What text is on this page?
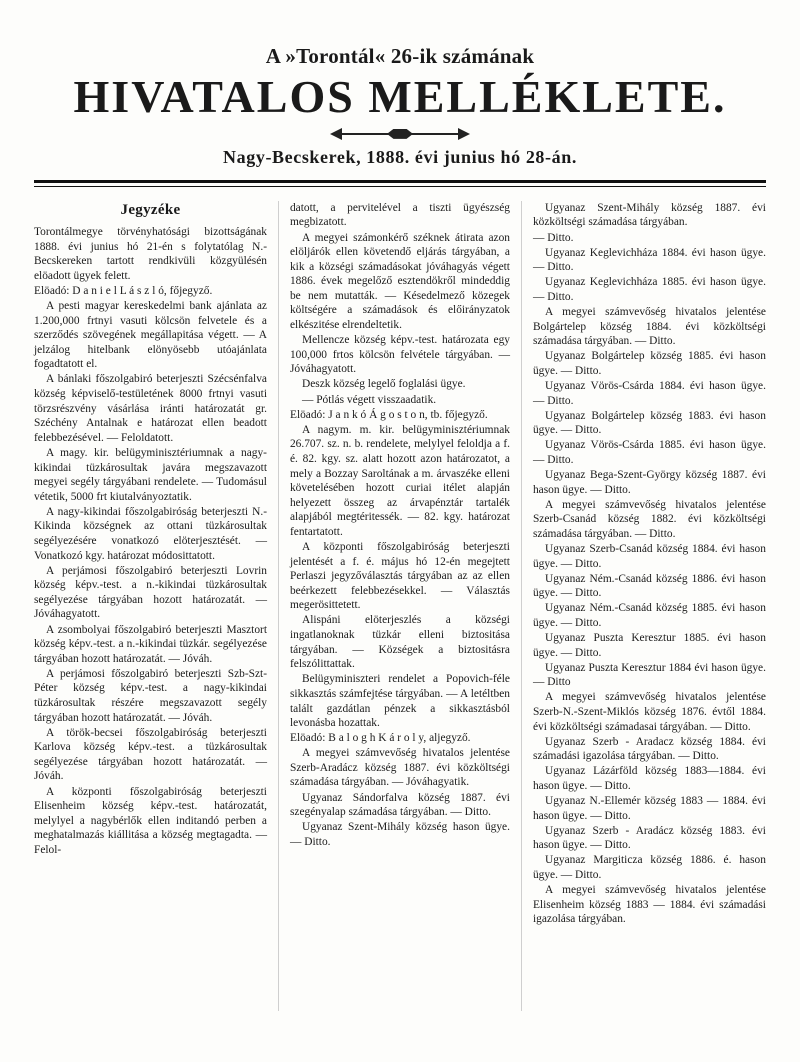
A »Torontál« 26-ik számának
HIVATALOS MELLÉKLETE.
Nagy-Becskerek, 1888. évi junius hó 28-án.
Jegyzéke

Torontálmegye törvényhatósági bizottságának 1888. évi junius hó 21-én s folytatólag N.-Becskereken tartott rendkivüli közgyülésén elöadott ügyek felett.

Elöadó: D a n i e l L á s z l ó, főjegyző.

A pesti magyar kereskedelmi bank ajánlata az 1.200,000 frtnyi vasuti kölcsön felvetele és a szerződés szövegének megállapitása végett. — A jelzálog hitelbank elönyösebb utóajánlata fogadtatott el.

A bánlaki főszolgabiró beterjeszti Szécsénfalva község képviselő-testületének 8000 frtnyi vasuti törzsrészvény vásárlása iránti határozatát gr. Széchény Antalnak e határozat ellen beadott felebbezésével. — Feloldatott.

A magy. kir. belügyminisztériumnak a nagy-kikindai tüzkárosultak javára megszavazott megyei segély tárgyábani rendelete. — Tudomásul vétetik, 5000 frt kiutalványoztatik.

A nagy-kikindai főszolgabiróság beterjeszti N.-Kikinda községnek az ottani tüzkárosultak segélyezésére vonatkozó elöterjesztését. — Vonatkozó kgy. határozat módosittatott.

A perjámosi főszolgabiró beterjeszti Lovrin község képv.-test. a n.-kikindai tüzkárosultak segélyezése tárgyában hozott határozatát. — Jóváhagyatott.

A zsombolyai főszolgabiró beterjeszti Masztort község képv.-test. a n.-kikindai tüzkár. segélyezése tárgyában hozott határozatát. — Jóváh.

A perjámosi főszolgabiró beterjeszti Szb-Szt-Péter község képv.-test. a nagy-kikindai tüzkárosultak részére megszavazott segély tárgyában hozott határozatát. — Jóváh.

A török-becsei főszolgabiróság beterjeszti Karlova község képv.-test. a tüzkárosultak segélyezése tárgyában hozott határozatát. — Jóváh.

A központi főszolgabiróság beterjeszti Elisenheim község képv.-test. határozatát, melylyel a nagybérlők ellen inditandó perben a meghatalmazás kiállitása a község megtagadta. — Felol-

datott, a pervitelével a tiszti ügyészség megbizatott.

A megyei számonkérő széknek átirata azon elöljárók ellen követendő eljárás tárgyában, a kik a községi számadásokat jóváhagyás végett 1886. évek megelőző esztendökről mindeddig be nem mutatták. — Késedelmező közegek költségére a számadások és előirányzatok elkészitése elrendeltetik.

Mellencze község képv.-test. határozata egy 100,000 frtos kölcsön felvétele tárgyában. — Jóváhagyatott.

Deszk község legelő foglalási ügye.

— Pótlás végett visszaadatik.

Elöadó: J a n k ó Á g o s t o n, tb. főjegyző.

A nagym. m. kir. belügyminisztériumnak 26.707. sz. n. b. rendelete, melylyel feloldja a f. é. 82. kgy. sz. alatt hozott azon határozatot, a mely a Bozzay Saroltának a m. árvaszéke elleni követelésében hozott curiai itélet alapján helyezett összeg az árvapénztár tartalék alapjából megtéritessék. — 82. kgy. határozat fentartatott.

A központi főszolgabiróság beterjeszti jelentését a f. é. május hó 12-én megejtett Perlaszi jegyzőválasztás tárgyában az az ellen beérkezett felebbezésekkel. — Választás megerösittetett.

Alispáni elöterjeszlés a községi ingatlanoknak tüzkár elleni biztositása tárgyában. — Községek a biztositásra felszólittattak.

Belügyminiszteri rendelet a Popovich-féle sikkasztás számfejtése tárgyában. — A letéltben talált gazdátlan pénzek a sikkasztásból levonásba hozattak.

Elöadó: B a l o g h K á r o l y, aljegyző.

A megyei számvevőség hivatalos jelentése Szerb-Aradácz község 1887. évi közköltségi számadása tárgyában. — Jóváhagyatik.

Ugyanaz Sándorfalva község 1887. évi szegényalap számadása tárgyában. — Ditto.

Ugyanaz Szent-Mihály község hason ügye. — Ditto.

Ugyanaz Szent-Mihály község 1887. évi közköltségi számadása tárgyában.

— Ditto.

Ugyanaz Keglevichháza 1884. évi hason ügye. — Ditto.

Ugyanaz Keglevichháza 1885. évi hason ügye. — Ditto.

A megyei számvevőség hivatalos jelentése Bolgártelep község 1884. évi közköltségi számadása tárgyában. — Ditto.

Ugyanaz Bolgártelep község 1885. évi hason ügye. — Ditto.

Ugyanaz Vörös-Csárda 1884. évi hason ügye. — Ditto.

Ugyanaz Bolgártelep község 1883. évi hason ügye. — Ditto.

Ugyanaz Vörös-Csárda 1885. évi hason ügye. — Ditto.

Ugyanaz Bega-Szent-György község 1887. évi hason ügye. — Ditto.

A megyei számvevőség hivatalos jelentése Szerb-Csanád község 1882. évi közköltségi számadása tárgyában. — Ditto.

Ugyanaz Szerb-Csanád község 1884. évi hason ügye. — Ditto.

Ugyanaz Ném.-Csanád község 1886. évi hason ügye. — Ditto.

Ugyanaz Ném.-Csanád község 1885. évi hason ügye. — Ditto.

Ugyanaz Puszta Keresztur 1885. évi hason ügye. — Ditto.

Ugyanaz Puszta Keresztur 1884 évi hason ügye. — Ditto

A megyei számvevőség hivatalos jelentése Szerb-N.-Szent-Miklós község 1876. évtől 1884. évi közköltségi számadasai tárgyában. — Ditto.

Ugyanaz Szerb - Aradacz község 1884. évi számadási igazolása tárgyában. — Ditto.

Ugyanaz Lázárföld község 1883—1884. évi hason ügye. — Ditto.

Ugyanaz N.-Ellemér község 1883 — 1884. évi hason ügye. — Ditto.

Ugyanaz Szerb - Aradácz község 1883. évi hason ügye. — Ditto.

Ugyanaz Margiticza község 1886. é. hason ügye. — Ditto.

A megyei számvevőség hivatalos jelentése Elisenheim község 1883 — 1884. évi számadási igazolása tárgyában.
